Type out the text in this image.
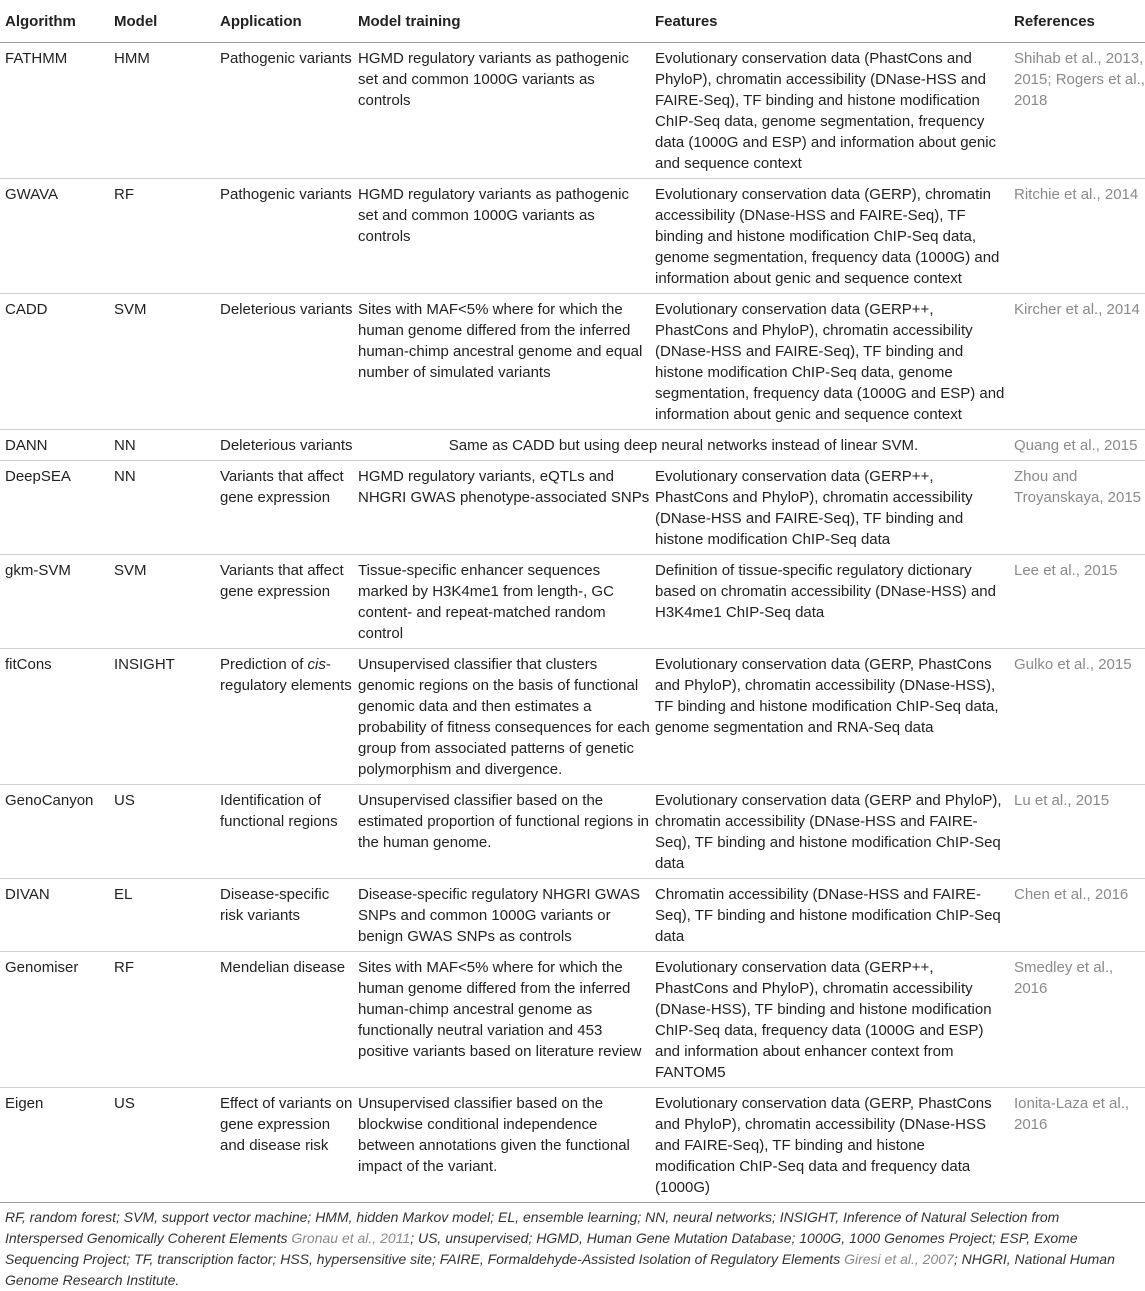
Algorithm	Model	Application	Model training	Features	References
FATHMM	HMM	Pathogenic variants	HGMD regulatory variants as pathogenic set and common 1000G variants as controls	Evolutionary conservation data (PhastCons and PhyloP), chromatin accessibility (DNase-HSS and FAIRE-Seq), TF binding and histone modification ChIP-Seq data, genome segmentation, frequency data (1000G and ESP) and information about genic and sequence context	Shihab et al., 2013, 2015; Rogers et al., 2018
GWAVA	RF	Pathogenic variants	HGMD regulatory variants as pathogenic set and common 1000G variants as controls	Evolutionary conservation data (GERP), chromatin accessibility (DNase-HSS and FAIRE-Seq), TF binding and histone modification ChIP-Seq data, genome segmentation, frequency data (1000G) and information about genic and sequence context	Ritchie et al., 2014
CADD	SVM	Deleterious variants	Sites with MAF<5% where for which the human genome differed from the inferred human-chimp ancestral genome and equal number of simulated variants	Evolutionary conservation data (GERP++, PhastCons and PhyloP), chromatin accessibility (DNase-HSS and FAIRE-Seq), TF binding and histone modification ChIP-Seq data, genome segmentation, frequency data (1000G and ESP) and information about genic and sequence context	Kircher et al., 2014
DANN	NN	Deleterious variants	Same as CADD but using deep neural networks instead of linear SVM.		Quang et al., 2015
DeepSEA	NN	Variants that affect gene expression	HGMD regulatory variants, eQTLs and NHGRI GWAS phenotype-associated SNPs	Evolutionary conservation data (GERP++, PhastCons and PhyloP), chromatin accessibility (DNase-HSS and FAIRE-Seq), TF binding and histone modification ChIP-Seq data	Zhou and Troyanskaya, 2015
gkm-SVM	SVM	Variants that affect gene expression	Tissue-specific enhancer sequences marked by H3K4me1 from length-, GC content- and repeat-matched random control	Definition of tissue-specific regulatory dictionary based on chromatin accessibility (DNase-HSS) and H3K4me1 ChIP-Seq data	Lee et al., 2015
fitCons	INSIGHT	Prediction of cis-regulatory elements	Unsupervised classifier that clusters genomic regions on the basis of functional genomic data and then estimates a probability of fitness consequences for each group from associated patterns of genetic polymorphism and divergence.	Evolutionary conservation data (GERP, PhastCons and PhyloP), chromatin accessibility (DNase-HSS), TF binding and histone modification ChIP-Seq data, genome segmentation and RNA-Seq data	Gulko et al., 2015
GenoCanyon	US	Identification of functional regions	Unsupervised classifier based on the estimated proportion of functional regions in the human genome.	Evolutionary conservation data (GERP and PhyloP), chromatin accessibility (DNase-HSS and FAIRE-Seq), TF binding and histone modification ChIP-Seq data	Lu et al., 2015
DIVAN	EL	Disease-specific risk variants	Disease-specific regulatory NHGRI GWAS SNPs and common 1000G variants or benign GWAS SNPs as controls	Chromatin accessibility (DNase-HSS and FAIRE-Seq), TF binding and histone modification ChIP-Seq data	Chen et al., 2016
Genomiser	RF	Mendelian disease	Sites with MAF<5% where for which the human genome differed from the inferred human-chimp ancestral genome as functionally neutral variation and 453 positive variants based on literature review	Evolutionary conservation data (GERP++, PhastCons and PhyloP), chromatin accessibility (DNase-HSS), TF binding and histone modification ChIP-Seq data, frequency data (1000G and ESP) and information about enhancer context from FANTOM5	Smedley et al., 2016
Eigen	US	Effect of variants on gene expression and disease risk	Unsupervised classifier based on the blockwise conditional independence between annotations given the functional impact of the variant.	Evolutionary conservation data (GERP, PhastCons and PhyloP), chromatin accessibility (DNase-HSS and FAIRE-Seq), TF binding and histone modification ChIP-Seq data and frequency data (1000G)	Ionita-Laza et al., 2016
RF, random forest; SVM, support vector machine; HMM, hidden Markov model; EL, ensemble learning; NN, neural networks; INSIGHT, Inference of Natural Selection from Interspersed Genomically Coherent Elements Gronau et al., 2011; US, unsupervised; HGMD, Human Gene Mutation Database; 1000G, 1000 Genomes Project; ESP, Exome Sequencing Project; TF, transcription factor; HSS, hypersensitive site; FAIRE, Formaldehyde-Assisted Isolation of Regulatory Elements Giresi et al., 2007; NHGRI, National Human Genome Research Institute.
